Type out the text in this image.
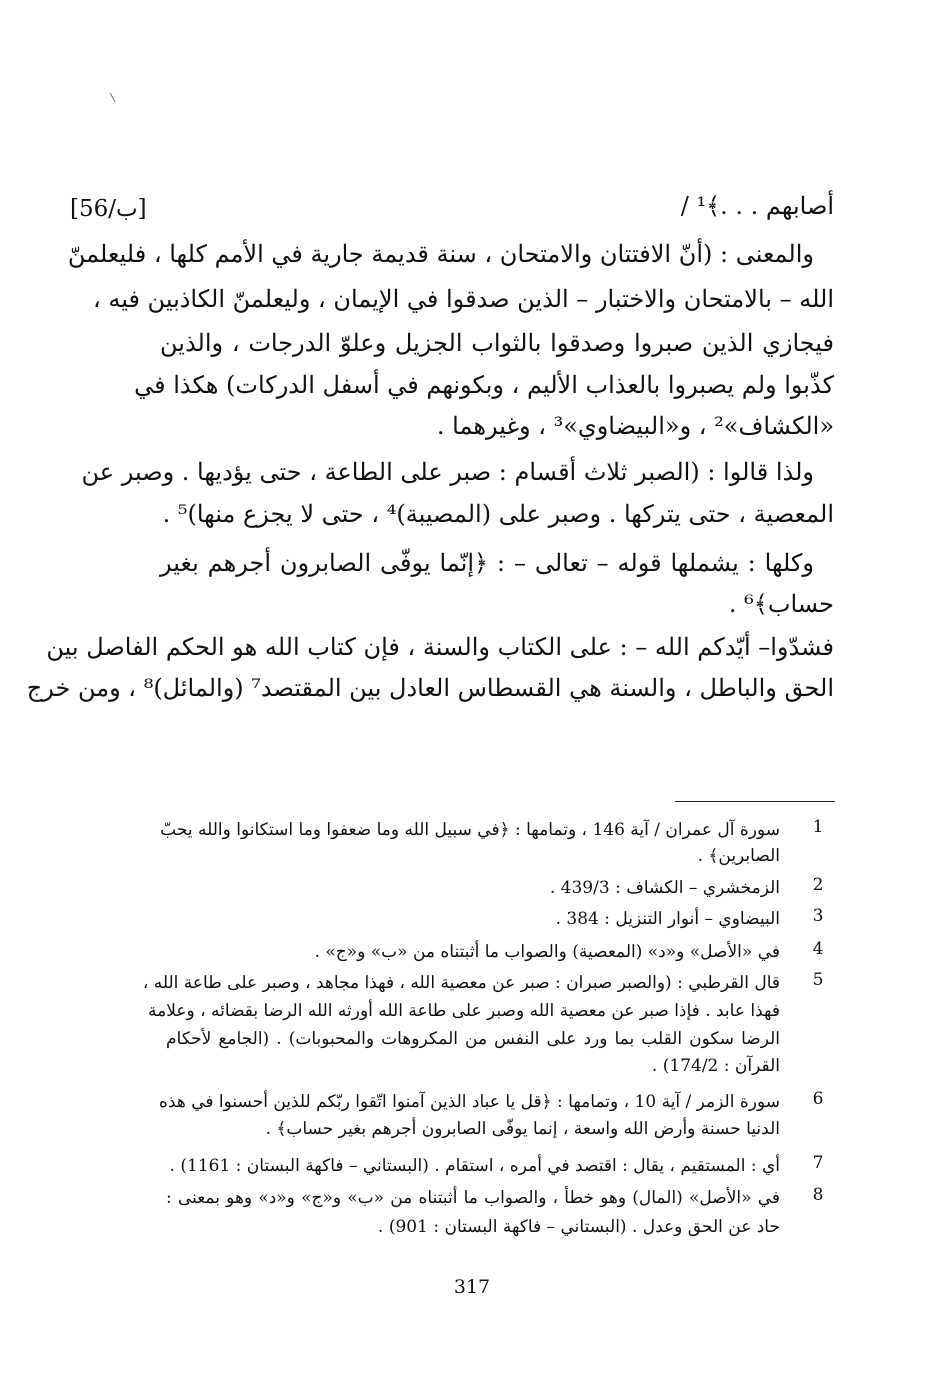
[56/ب]	أصابهم . . .﴾¹ /
والمعنى : (أنّ الافتتان والامتحان ، سنة قديمة جارية في الأمم كلها ، فليعلمنّ
الله – بالامتحان والاختبار – الذين صدقوا في الإيمان ، وليعلمنّ الكاذبين فيه ،
فيجازي الذين صبروا وصدقوا بالثواب الجزيل وعلوّ الدرجات ، والذين
كذّبوا ولم يصبروا بالعذاب الأليم ، وبكونهم في أسفل الدركات) هكذا في
«الكشاف»² ، و«البيضاوي»³ ، وغيرهما .
ولذا قالوا : (الصبر ثلاث أقسام : صبر على الطاعة ، حتى يؤديها . وصبر عن
المعصية ، حتى يتركها . وصبر على (المصيبة)⁴ ، حتى لا يجزع منها)⁵ .
وكلها : يشملها قوله – تعالى – : ﴿إنّما يوفّى الصابرون أجرهم بغير
حساب﴾⁶ .
فشدّوا– أيّدكم الله – : على الكتاب والسنة ، فإن كتاب الله هو الحكم الفاصل بين
الحق والباطل ، والسنة هي القسطاس العادل بين المقتصد⁷ (والمائل)⁸ ، ومن خرج
1
سورة آل عمران / آية 146 ، وتمامها : ﴿في سبيل الله وما ضعفوا وما استكانوا والله يحبّ
الصابرين﴾ .
2
الزمخشري – الكشاف : 439/3 .
3
البيضاوي – أنوار التنزيل : 384 .
4
في «الأصل» و«د» (المعصية) والصواب ما أثبتناه من «ب» و«ج» .
5
قال القرطبي : (والصبر صبران : صبر عن معصية الله ، فهذا مجاهد ، وصبر على طاعة الله ،
فهذا عابد . فإذا صبر عن معصية الله وصبر على طاعة الله أورثه الله الرضا بقضائه ، وعلامة
الرضا سكون القلب بما ورد على النفس من المكروهات والمحبوبات) . (الجامع لأحكام
القرآن : 174/2) .
6
سورة الزمر / آية 10 ، وتمامها : ﴿قل يا عباد الذين آمنوا اتّقوا ربّكم للذين أحسنوا في هذه
الدنيا حسنة وأرض الله واسعة ، إنما يوفّى الصابرون أجرهم بغير حساب﴾ .
7
أي : المستقيم ، يقال : اقتصد في أمره ، استقام . (البستاني – فاكهة البستان : 1161) .
8
في «الأصل» (المال) وهو خطأ ، والصواب ما أثبتناه من «ب» و«ج» و«د» وهو بمعنى :
حاد عن الحق وعدل . (البستاني – فاكهة البستان : 901) .
317
